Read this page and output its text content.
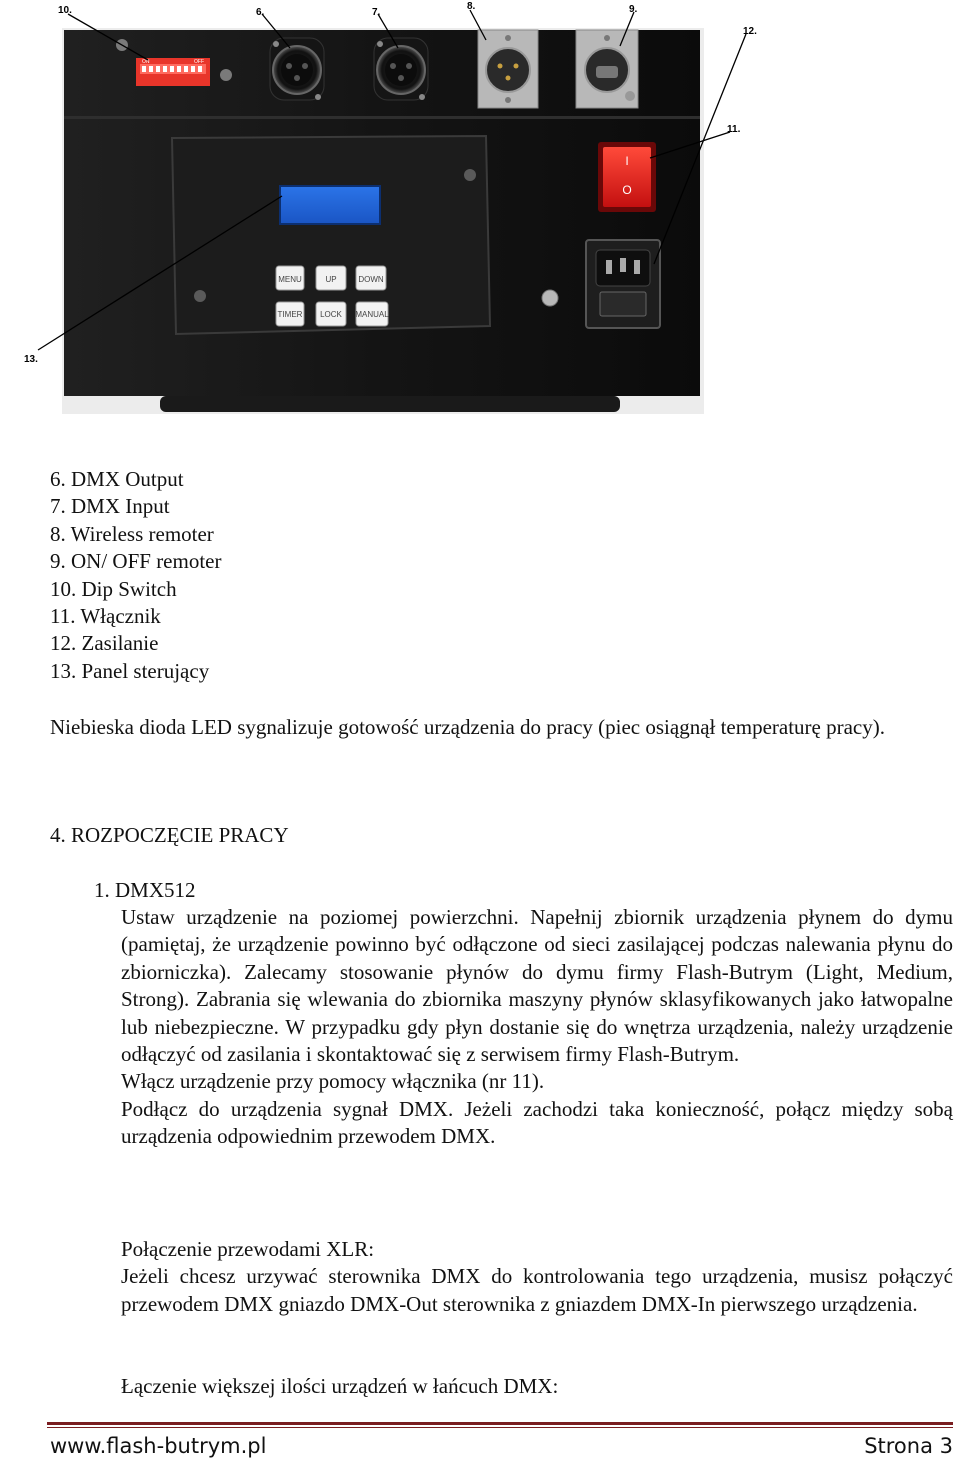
ON	OFF
MENU	UP	DOWN
TIMER LOCK MANUAL
I
O
10.	6.	7.
8.	9.
11.
12.
13.
6. DMX Output
7. DMX Input
8. Wireless remoter
9. ON/ OFF remoter
10. Dip Switch
11. Włącznik
12. Zasilanie
13. Panel sterujący
Niebieska dioda LED sygnalizuje gotowość urządzenia do pracy (piec osiągnął temperaturę pracy).
4. ROZPOCZĘCIE PRACY
1. DMX512

Ustaw urządzenie na poziomej powierzchni. Napełnij zbiornik urządzenia płynem do dymu (pamiętaj, że urządzenie powinno być odłączone od sieci zasilającej podczas nalewania płynu do zbiorniczka). Zalecamy stosowanie płynów do dymu firmy Flash-Butrym (Light, Medium, Strong). Zabrania się wlewania do zbiornika maszyny płynów sklasyfikowanych jako łatwopalne lub niebezpieczne. W przypadku gdy płyn dostanie się do wnętrza urządzenia, należy urządzenie odłączyć od zasilania i skontaktować się z serwisem firmy Flash-Butrym.

Włącz urządzenie przy pomocy włącznika (nr 11).

Podłącz do urządzenia sygnał DMX. Jeżeli zachodzi taka konieczność, połącz między sobą urządzenia odpowiednim przewodem DMX.

Połączenie przewodami XLR:

Jeżeli chcesz urzywać sterownika DMX do kontrolowania tego urządzenia, musisz połączyć przewodem DMX gniazdo DMX-Out sterownika z gniazdem DMX-In pierwszego urządzenia.

Łączenie większej ilości urządzeń w łańcuch DMX:
www.flash-butrym.pl	Strona 3
